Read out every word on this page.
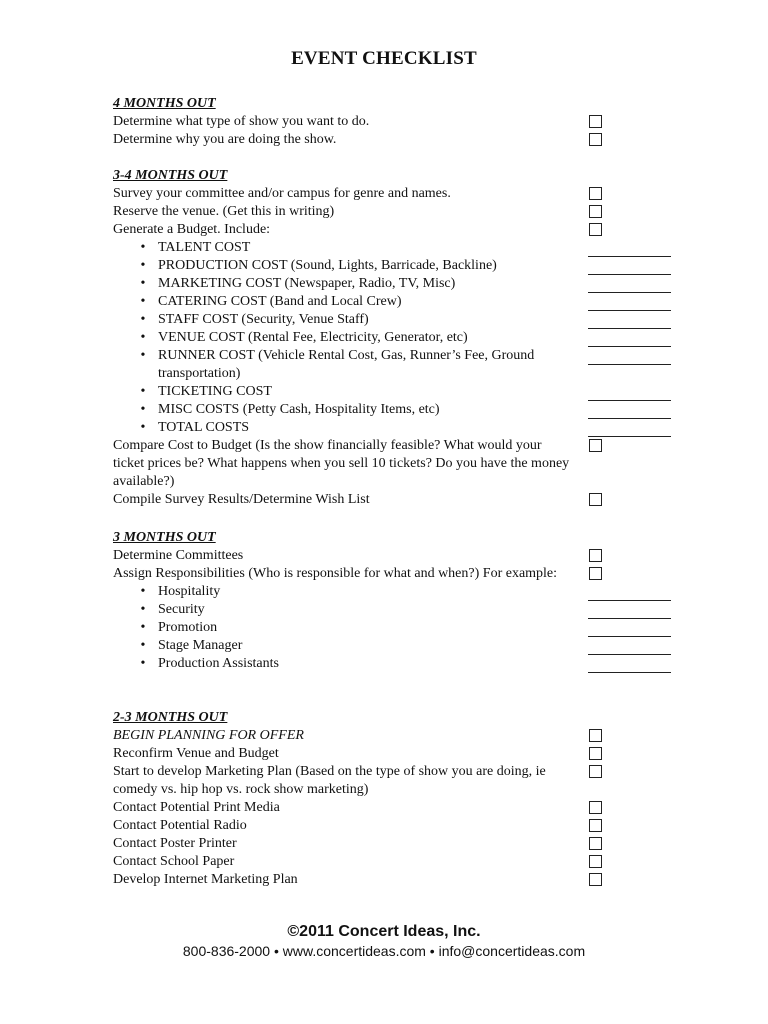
EVENT CHECKLIST
4 MONTHS OUT
Determine what type of show you want to do.
Determine why you are doing the show.
3-4 MONTHS OUT
Survey your committee and/or campus for genre and names.
Reserve the venue. (Get this in writing)
Generate a Budget. Include:
• TALENT COST
• PRODUCTION COST (Sound, Lights, Barricade, Backline)
• MARKETING COST (Newspaper, Radio, TV, Misc)
• CATERING COST (Band and Local Crew)
• STAFF COST (Security, Venue Staff)
• VENUE COST (Rental Fee, Electricity, Generator, etc)
• RUNNER COST (Vehicle Rental Cost, Gas, Runner’s Fee, Ground transportation)
• TICKETING COST
• MISC COSTS (Petty Cash, Hospitality Items, etc)
• TOTAL COSTS
Compare Cost to Budget (Is the show financially feasible? What would your ticket prices be? What happens when you sell 10 tickets? Do you have the money available?)
Compile Survey Results/Determine Wish List
3 MONTHS OUT
Determine Committees
Assign Responsibilities (Who is responsible for what and when?) For example:
• Hospitality
• Security
• Promotion
• Stage Manager
• Production Assistants
2-3 MONTHS OUT
BEGIN PLANNING FOR OFFER
Reconfirm Venue and Budget
Start to develop Marketing Plan (Based on the type of show you are doing, ie comedy vs. hip hop vs. rock show marketing)
Contact Potential Print Media
Contact Potential Radio
Contact Poster Printer
Contact School Paper
Develop Internet Marketing Plan
©2011 Concert Ideas, Inc.
800-836-2000 • www.concertideas.com • info@concertideas.com
